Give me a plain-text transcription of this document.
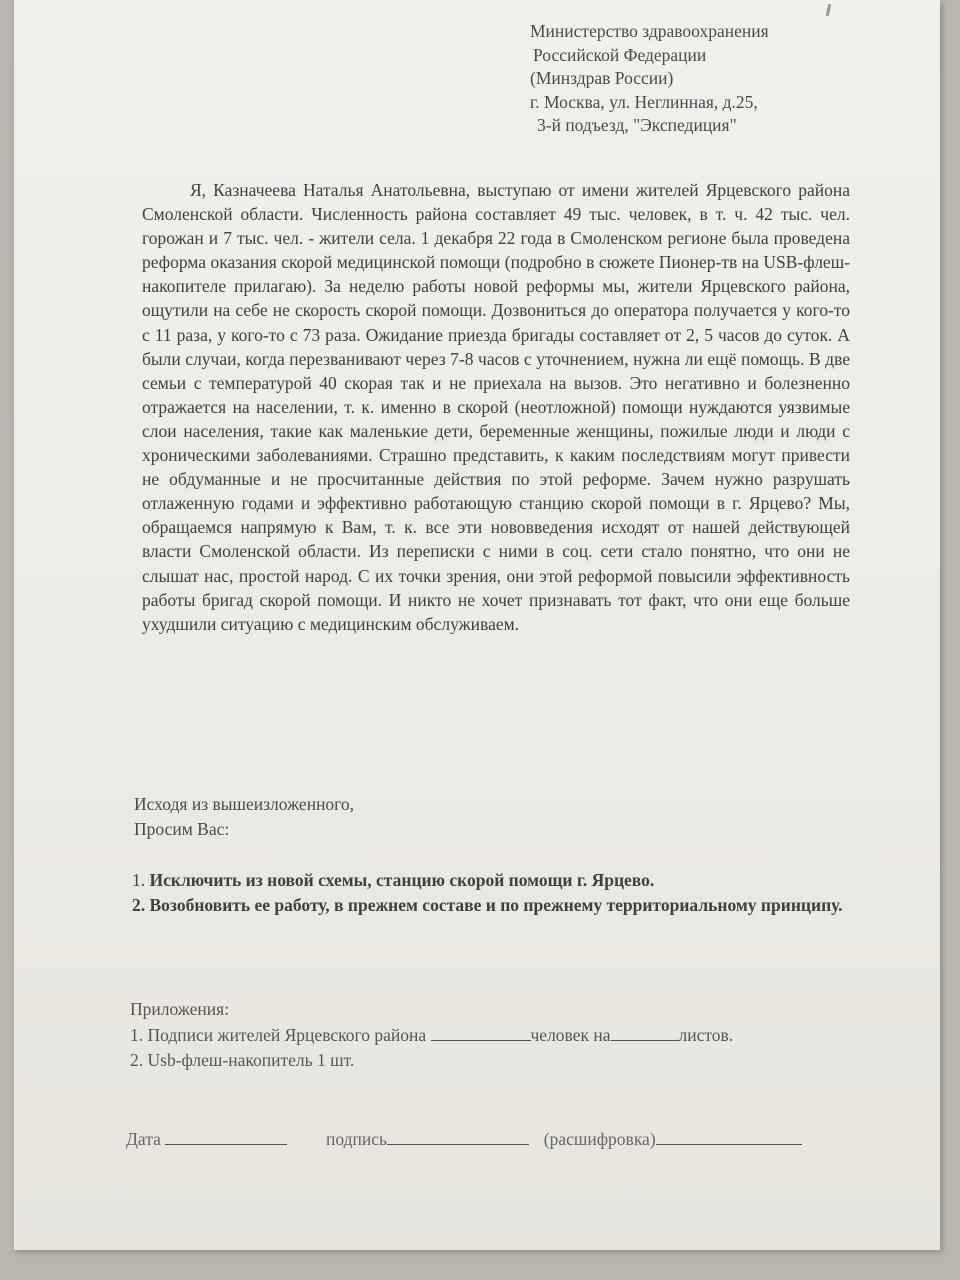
Министерство здравоохранения
Российской Федерации
(Минздрав России)
г. Москва, ул. Неглинная, д.25,
3-й подъезд, "Экспедиция"

Я, Казначеева Наталья Анатольевна, выступаю от имени жителей Ярцевского района Смоленской области. Численность района составляет 49 тыс. человек, в т. ч. 42 тыс. чел. горожан и 7 тыс. чел. - жители села. 1 декабря 22 года в Смоленском регионе была проведена реформа оказания скорой медицинской помощи (подробно в сюжете Пионер-тв на USB-флеш-накопителе прилагаю). За неделю работы новой реформы мы, жители Ярцевского района, ощутили на себе не скорость скорой помощи. Дозвониться до оператора получается у кого-то с 11 раза, у кого-то с 73 раза. Ожидание приезда бригады составляет от 2, 5 часов до суток. А были случаи, когда перезванивают через 7-8 часов с уточнением, нужна ли ещё помощь. В две семьи с температурой 40 скорая так и не приехала на вызов. Это негативно и болезненно отражается на населении, т. к. именно в скорой (неотложной) помощи нуждаются уязвимые слои населения, такие как маленькие дети, беременные женщины, пожилые люди и люди с хроническими заболеваниями. Страшно представить, к каким последствиям могут привести не обдуманные и не просчитанные действия по этой реформе. Зачем нужно разрушать отлаженную годами и эффективно работающую станцию скорой помощи в г. Ярцево? Мы, обращаемся напрямую к Вам, т. к. все эти нововведения исходят от нашей действующей власти Смоленской области. Из переписки с ними в соц. сети стало понятно, что они не слышат нас, простой народ. С их точки зрения, они этой реформой повысили эффективность работы бригад скорой помощи. И никто не хочет признавать тот факт, что они еще больше ухудшили ситуацию с медицинским обслуживаем.

Исходя из вышеизложенного,
Просим Вас:
1. Исключить из новой схемы, станцию скорой помощи г. Ярцево.
2. Возобновить ее работу, в прежнем составе и по прежнему территориальному принципу.
Приложения:
1. Подписи жителей Ярцевского района	человек на	листов.
2. Usb-флеш-накопитель 1 шт.
Дата	подпись	(расшифровка)
